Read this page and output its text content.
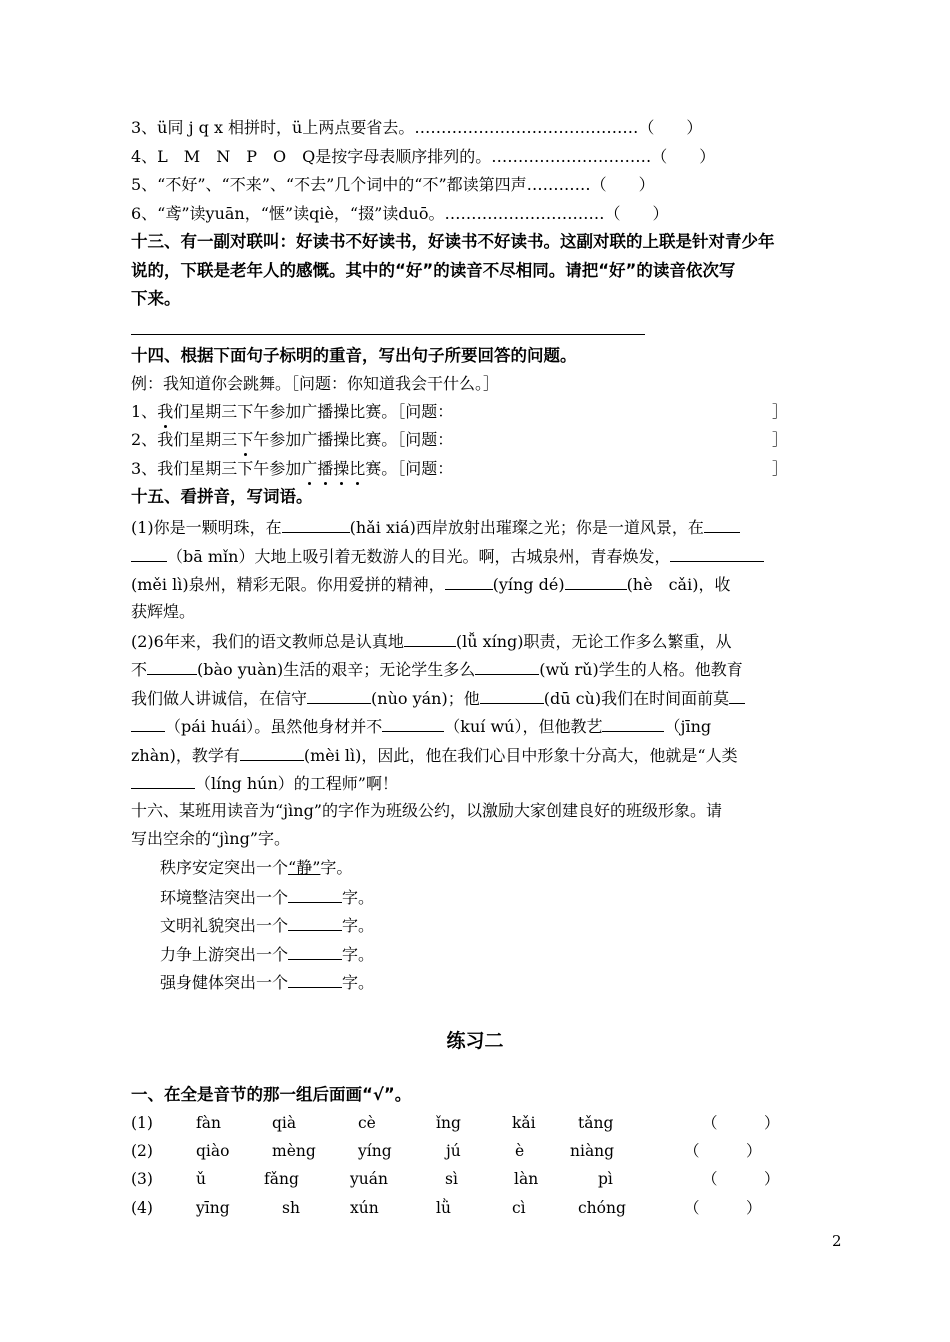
3、ü同 j q x 相拼时，ü上两点要省去。……………………………………（　　）
4、L　M　N　P　O　Q是按字母表顺序排列的。…………………………（　　）
5、“不好”、“不来”、“不去”几个词中的“不”都读第四声…………（　　）
6、“鸢”读yuān，“惬”读qiè，“掇”读duō。…………………………（　　）
十三、有一副对联叫：好读书不好读书，好读书不好读书。这副对联的上联是针对青少年
说的，下联是老年人的感慨。其中的“好”的读音不尽相同。请把“好”的读音依次写
下来。
十四、根据下面句子标明的重音，写出句子所要回答的问题。
例：我知道你会跳舞。［问题：你知道我会干什么。］
1、我们星期三下午参加广播操比赛。［问题：	］
2、我们星期三下午参加广播操比赛。［问题：	］
3、我们星期三下午参加广播操比赛。［问题：	］
十五、看拼音，写词语。
(1)你是一颗明珠，在	(hǎi xiá)西岸放射出璀璨之光；你是一道风景，在
（bā mǐn）大地上吸引着无数游人的目光。啊，古城泉州，青春焕发，
(měi lì)泉州，精彩无限。你用爱拼的精神，	(yíng dé)	(hè　cǎi)，收
获辉煌。
(2)6年来，我们的语文教师总是认真地	(lǚ xíng)职责，无论工作多么繁重，从
不	(bào yuàn)生活的艰辛；无论学生多么	(wǔ rǔ)学生的人格。他教育
我们做人讲诚信，在信守	(nùo yán)；他	(dū cù)我们在时间面前莫
（pái huái）。虽然他身材并不	（kuí wú），但他教艺	（jīng
zhàn)，教学有	(mèi lì)，因此，他在我们心目中形象十分高大，他就是“人类
（líng hún）的工程师”啊！
十六、某班用读音为“jìng”的字作为班级公约，以激励大家创建良好的班级形象。请
写出空余的“jìng”字。
秩序安定突出一个“静”字。
环境整洁突出一个	字。
文明礼貌突出一个	字。
力争上游突出一个	字。
强身健体突出一个	字。
练习二
一、在全是音节的那一组后面画“√”。
(1)	fàn	qià	cè	ǐng	kǎi	tǎng	（　　　）
(2)	qiào	mèng	yíng	jú	è	niàng	（　　　）
(3)	ǔ	fǎng	yuán	sì	làn	pì	（　　　）
(4)	yīng	sh	xún	lǜ	cì	chóng	（　　　）
2
